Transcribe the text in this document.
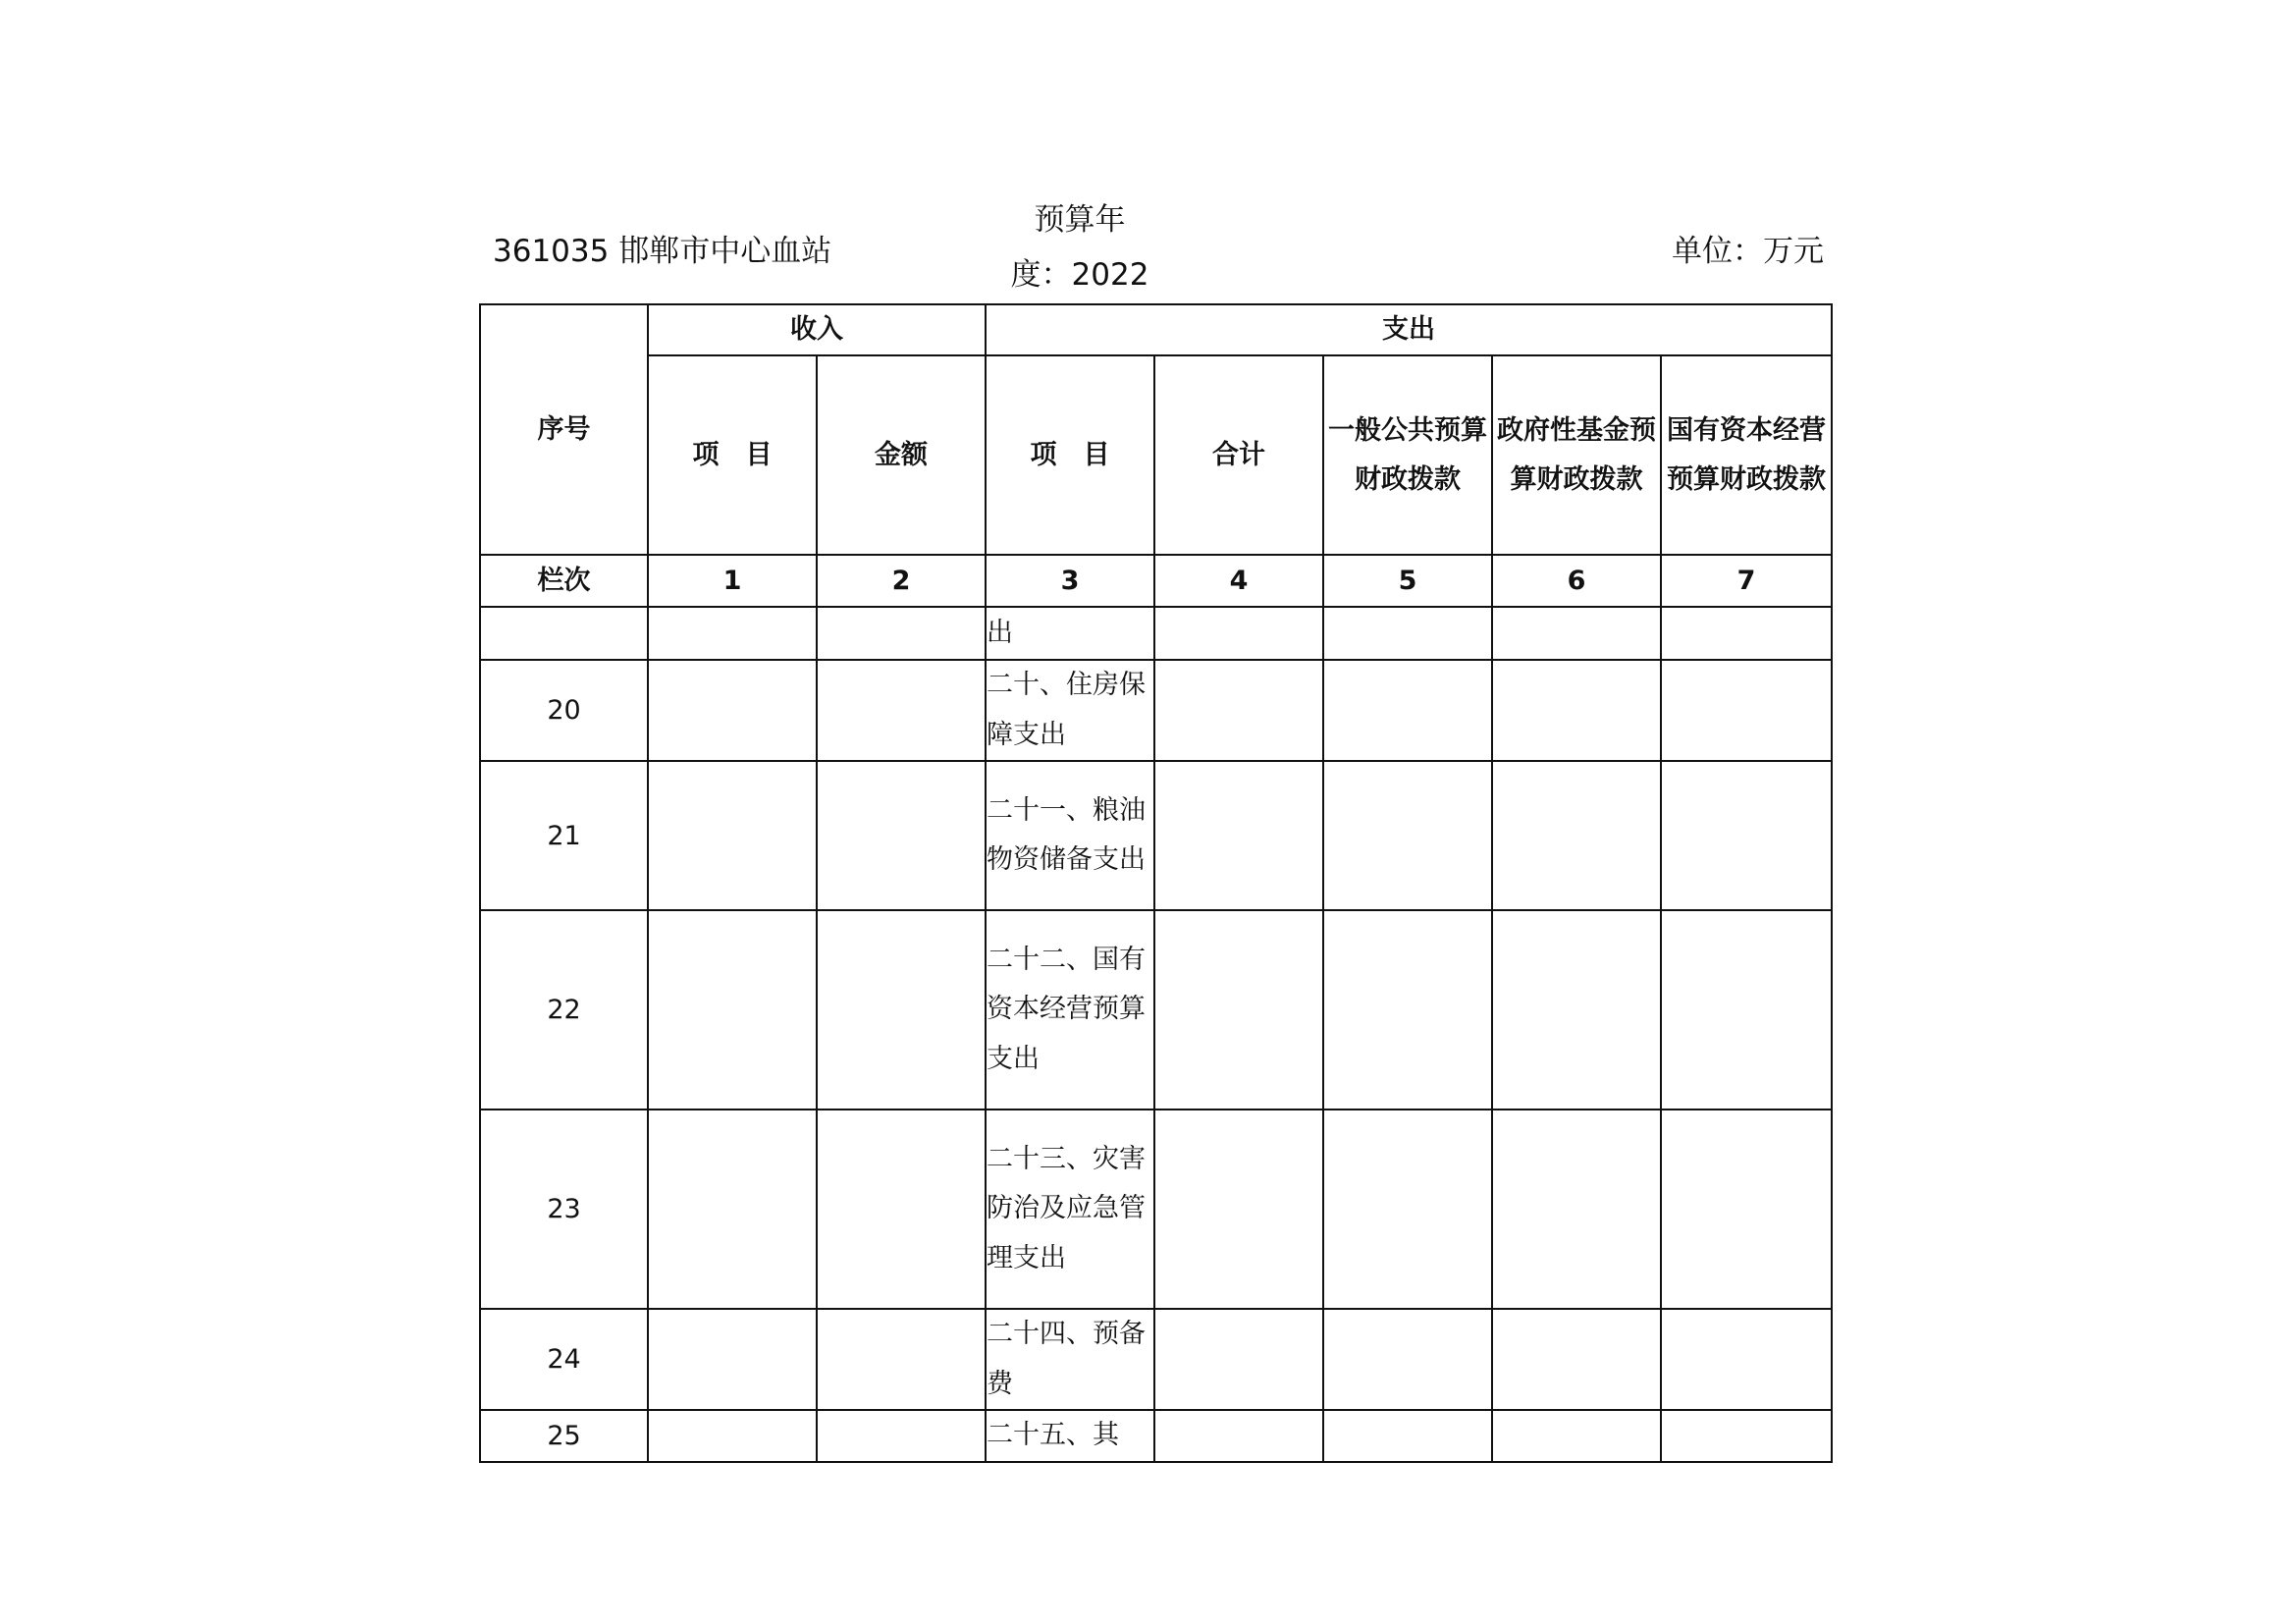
361035 邯郸市中心血站
预算年
度：2022
单位：万元
序号	收入		支出				
	项　目	金额	项　目	合计	一般公共预算财政拨款	政府性基金预算财政拨款	国有资本经营预算财政拨款
栏次	1	2	3	4	5	6	7
			出				
20			二十、住房保障支出				
21			二十一、粮油物资储备支出				
22			二十二、国有资本经营预算支出				
23			二十三、灾害防治及应急管理支出				
24			二十四、预备费				
25			二十五、其				
